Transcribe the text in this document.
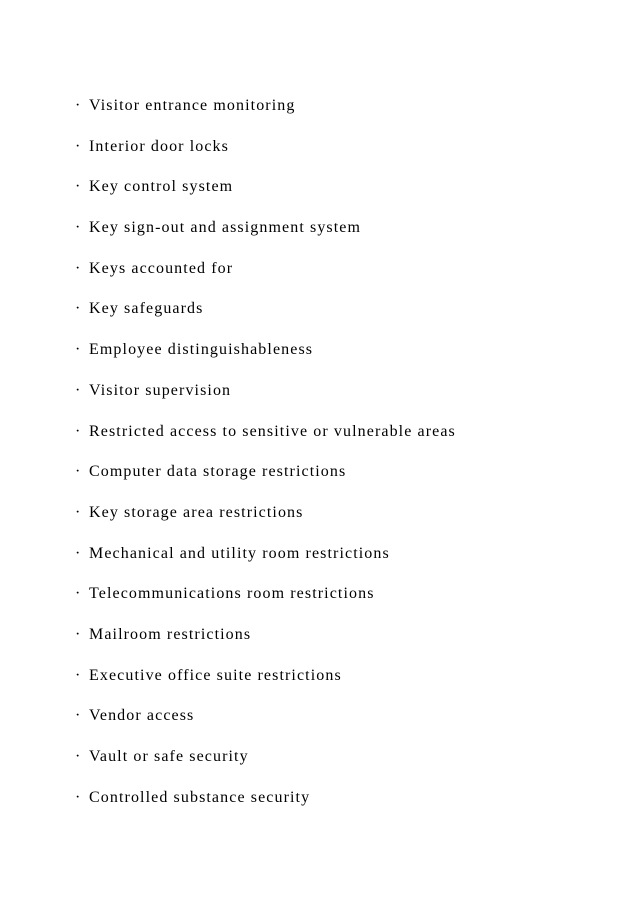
· Visitor entrance monitoring
· Interior door locks
· Key control system
· Key sign-out and assignment system
· Keys accounted for
· Key safeguards
· Employee distinguishableness
· Visitor supervision
· Restricted access to sensitive or vulnerable areas
· Computer data storage restrictions
· Key storage area restrictions
· Mechanical and utility room restrictions
· Telecommunications room restrictions
· Mailroom restrictions
· Executive office suite restrictions
· Vendor access
· Vault or safe security
· Controlled substance security
